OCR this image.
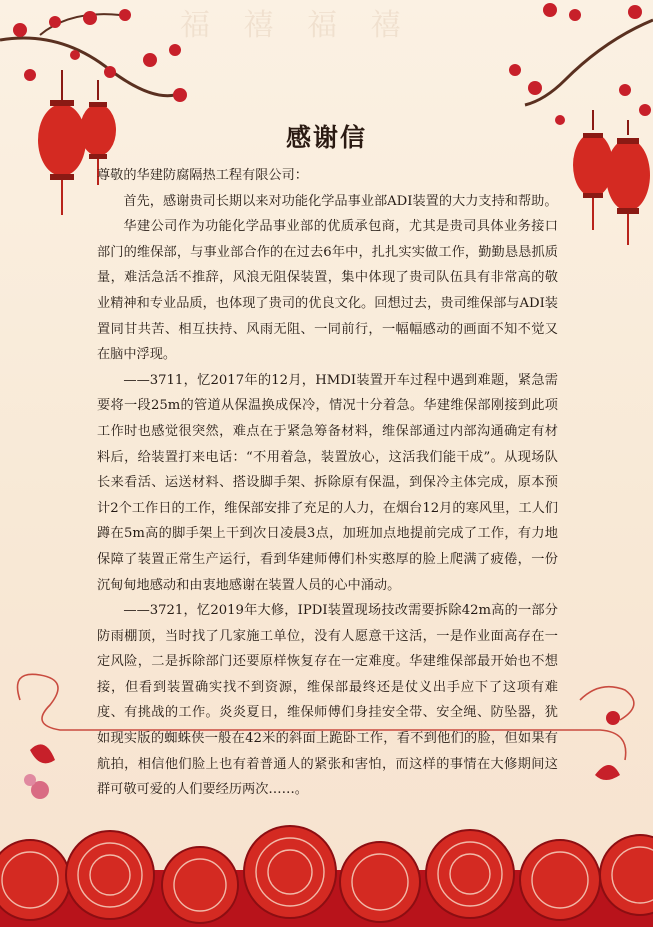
福 禧 福 禧
感谢信

尊敬的华建防腐隔热工程有限公司：

首先，感谢贵司长期以来对功能化学品事业部ADI装置的大力支持和帮助。

华建公司作为功能化学品事业部的优质承包商，尤其是贵司具体业务接口部门的维保部，与事业部合作的在过去6年中，扎扎实实做工作，勤勤恳恳抓质量，难活急活不推辞，风浪无阻保装置，集中体现了贵司队伍具有非常高的敬业精神和专业品质，也体现了贵司的优良文化。回想过去，贵司维保部与ADI装置同甘共苦、相互扶持、风雨无阻、一同前行，一幅幅感动的画面不知不觉又在脑中浮现。

——3711，忆2017年的12月，HMDI装置开车过程中遇到难题，紧急需要将一段25m的管道从保温换成保冷，情况十分着急。华建维保部刚接到此项工作时也感觉很突然，难点在于紧急筹备材料，维保部通过内部沟通确定有材料后，给装置打来电话：“不用着急，装置放心，这活我们能干成”。从现场队长来看活、运送材料、搭设脚手架、拆除原有保温，到保冷主体完成，原本预计2个工作日的工作，维保部安排了充足的人力，在烟台12月的寒风里，工人们蹲在5m高的脚手架上干到次日凌晨3点，加班加点地提前完成了工作，有力地保障了装置正常生产运行，看到华建师傅们朴实憨厚的脸上爬满了疲倦，一份沉甸甸地感动和由衷地感谢在装置人员的心中涌动。

——3721，忆2019年大修，IPDI装置现场技改需要拆除42m高的一部分防雨棚顶，当时找了几家施工单位，没有人愿意干这活，一是作业面高存在一定风险，二是拆除部门还要原样恢复存在一定难度。华建维保部最开始也不想接，但看到装置确实找不到资源，维保部最终还是仗义出手应下了这项有难度、有挑战的工作。炎炎夏日，维保师傅们身挂安全带、安全绳、防坠器，犹如现实版的蜘蛛侠一般在42米的斜面上跪卧工作，看不到他们的脸，但如果有航拍，相信他们脸上也有着普通人的紧张和害怕，而这样的事情在大修期间这群可敬可爱的人们要经历两次……。
